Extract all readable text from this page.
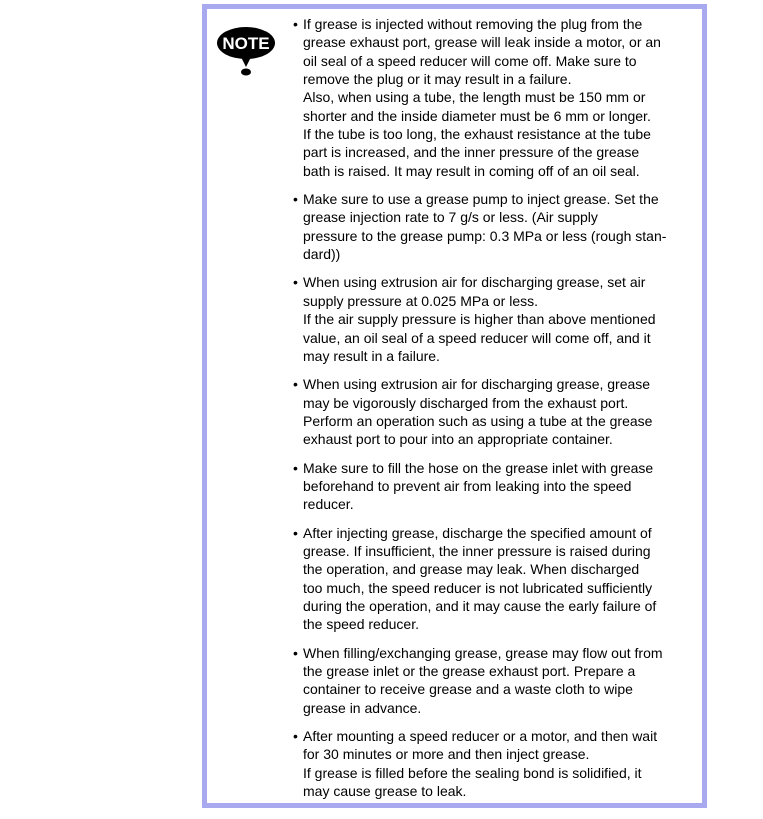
NOTE
• If grease is injected without removing the plug from the
grease exhaust port, grease will leak inside a motor, or an
oil seal of a speed reducer will come off. Make sure to
remove the plug or it may result in a failure.
Also, when using a tube, the length must be 150 mm or
shorter and the inside diameter must be 6 mm or longer.
If the tube is too long, the exhaust resistance at the tube
part is increased, and the inner pressure of the grease
bath is raised. It may result in coming off of an oil seal.
• Make sure to use a grease pump to inject grease. Set the
grease injection rate to 7 g/s or less. (Air supply
pressure to the grease pump: 0.3 MPa or less (rough stan-
dard))
• When using extrusion air for discharging grease, set air
supply pressure at 0.025 MPa or less.
If the air supply pressure is higher than above mentioned
value, an oil seal of a speed reducer will come off, and it
may result in a failure.
• When using extrusion air for discharging grease, grease
may be vigorously discharged from the exhaust port.
Perform an operation such as using a tube at the grease
exhaust port to pour into an appropriate container.
• Make sure to fill the hose on the grease inlet with grease
beforehand to prevent air from leaking into the speed
reducer.
• After injecting grease, discharge the specified amount of
grease. If insufficient, the inner pressure is raised during
the operation, and grease may leak. When discharged
too much, the speed reducer is not lubricated sufficiently
during the operation, and it may cause the early failure of
the speed reducer.
• When filling/exchanging grease, grease may flow out from
the grease inlet or the grease exhaust port. Prepare a
container to receive grease and a waste cloth to wipe
grease in advance.
• After mounting a speed reducer or a motor, and then wait
for 30 minutes or more and then inject grease.
If grease is filled before the sealing bond is solidified, it
may cause grease to leak.
